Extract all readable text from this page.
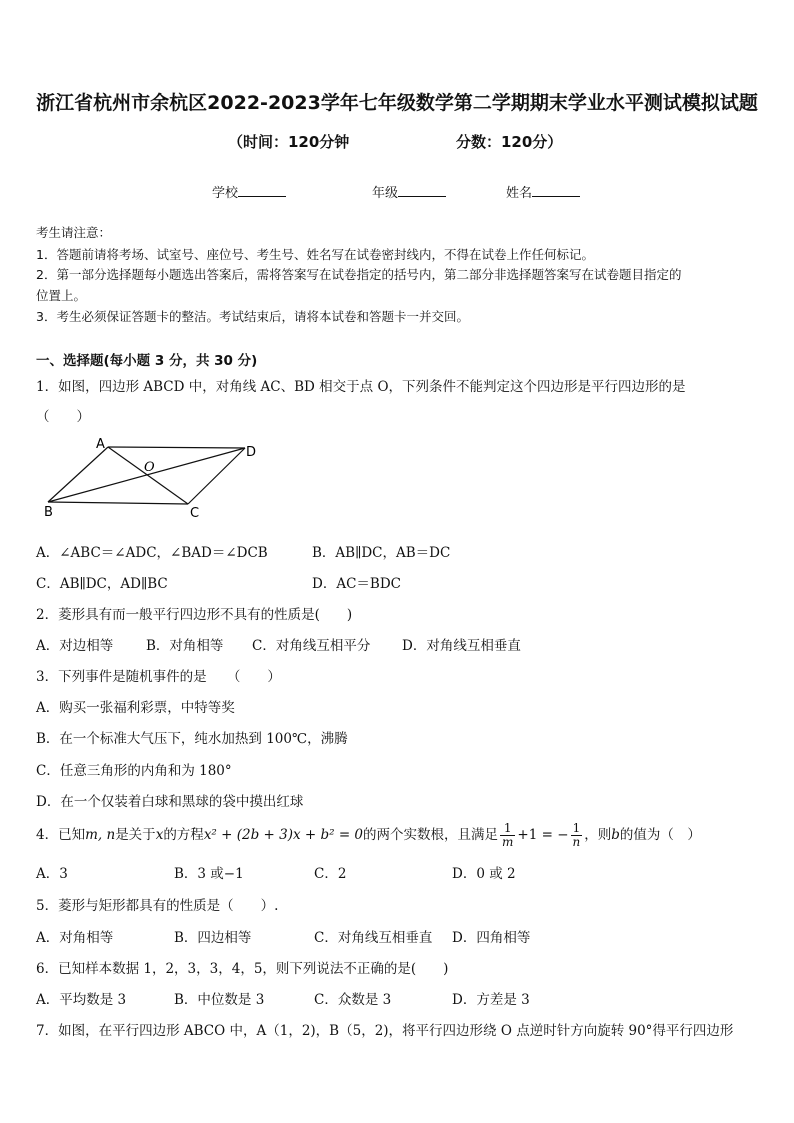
浙江省杭州市余杭区2022-2023学年七年级数学第二学期期末学业水平测试模拟试题
（时间：120分钟	分数：120分）
学校	年级	姓名
考生请注意：
1．答题前请将考场、试室号、座位号、考生号、姓名写在试卷密封线内，不得在试卷上作任何标记。
2．第一部分选择题每小题选出答案后，需将答案写在试卷指定的括号内，第二部分非选择题答案写在试卷题目指定的
位置上。
3．考生必须保证答题卡的整洁。考试结束后，请将本试卷和答题卡一并交回。
一、选择题(每小题 3 分，共 30 分)
1．如图，四边形 ABCD 中，对角线 AC、BD 相交于点 O，下列条件不能判定这个四边形是平行四边形的是
（　　）
A
D
B	C
O
A．∠ABC＝∠ADC，∠BAD＝∠DCB	B．AB∥DC，AB＝DC
C．AB∥DC，AD∥BC	D．AC＝BDC
2．菱形具有而一般平行四边形不具有的性质是(　　)
A．对边相等 B．对角相等 C．对角线互相平分 D．对角线互相垂直
3．下列事件是随机事件的是　　（　　）
A．购买一张福利彩票，中特等奖
B．在一个标准大气压下，纯水加热到 100℃，沸腾
C．任意三角形的内角和为 180°
D．在一个仅装着白球和黑球的袋中摸出红球
4．已知m, n是关于x的方程x² + (2b + 3)x + b² = 0的两个实数根，且满足 $\frac{1}{m} +1$ = − $\frac{1}{n}$ ，则b的值为（　）
A．3	B．3 或−1	C．2	D．0 或 2
5．菱形与矩形都具有的性质是（　　）.
A．对角相等	B．四边相等	C．对角线互相垂直 D．四角相等
6．已知样本数据 1，2，3，3，4，5，则下列说法不正确的是(　　)
A．平均数是 3	B．中位数是 3	C．众数是 3	D．方差是 3
7．如图，在平行四边形 ABCO 中，A（1，2)，B（5，2)，将平行四边形绕 O 点逆时针方向旋转 90°得平行四边形
